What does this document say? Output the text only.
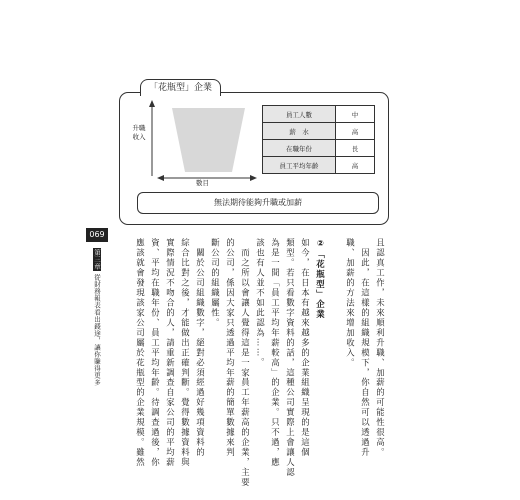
「花瓶型」企業
升職收入
數目
員工人數	中
薪　水	高
在職年份	長
員工平均年齡	高
無法期待能夠升職或加薪
069
第三章 從財務報表看出錢途，讓你賺得更多	且認真工作，未來順利升職、加薪的可能性很高。
　因此，在這樣的組織規模下，你自然可以透過升
職、加薪的方法來增加收入。
②「花瓶型」企業
如今，在日本有越來越多的企業組織呈現的是這個
類型。若只看數字資料的話，這種公司實際上會讓人認
為是一間「員工平均年薪較高」的企業。只不過，應
該也有人並不如此認為……。
　而之所以會讓人覺得這是一家員工年薪高的企業，主要
的公司，係因大家只透過平均年薪的簡單數據來判
斷公司的組織屬性。
　關於公司組織數字，絕對必須經過好幾項資料的
綜合比對之後，才能做出正確判斷。覺得數據資料與
實際情況不吻合的人，請重新調查自家公司的平均薪
資、平均在職年份、員工平均年齡。待調查過後，你
應該就會發現該家公司屬於花瓶型的企業規模。雖然
